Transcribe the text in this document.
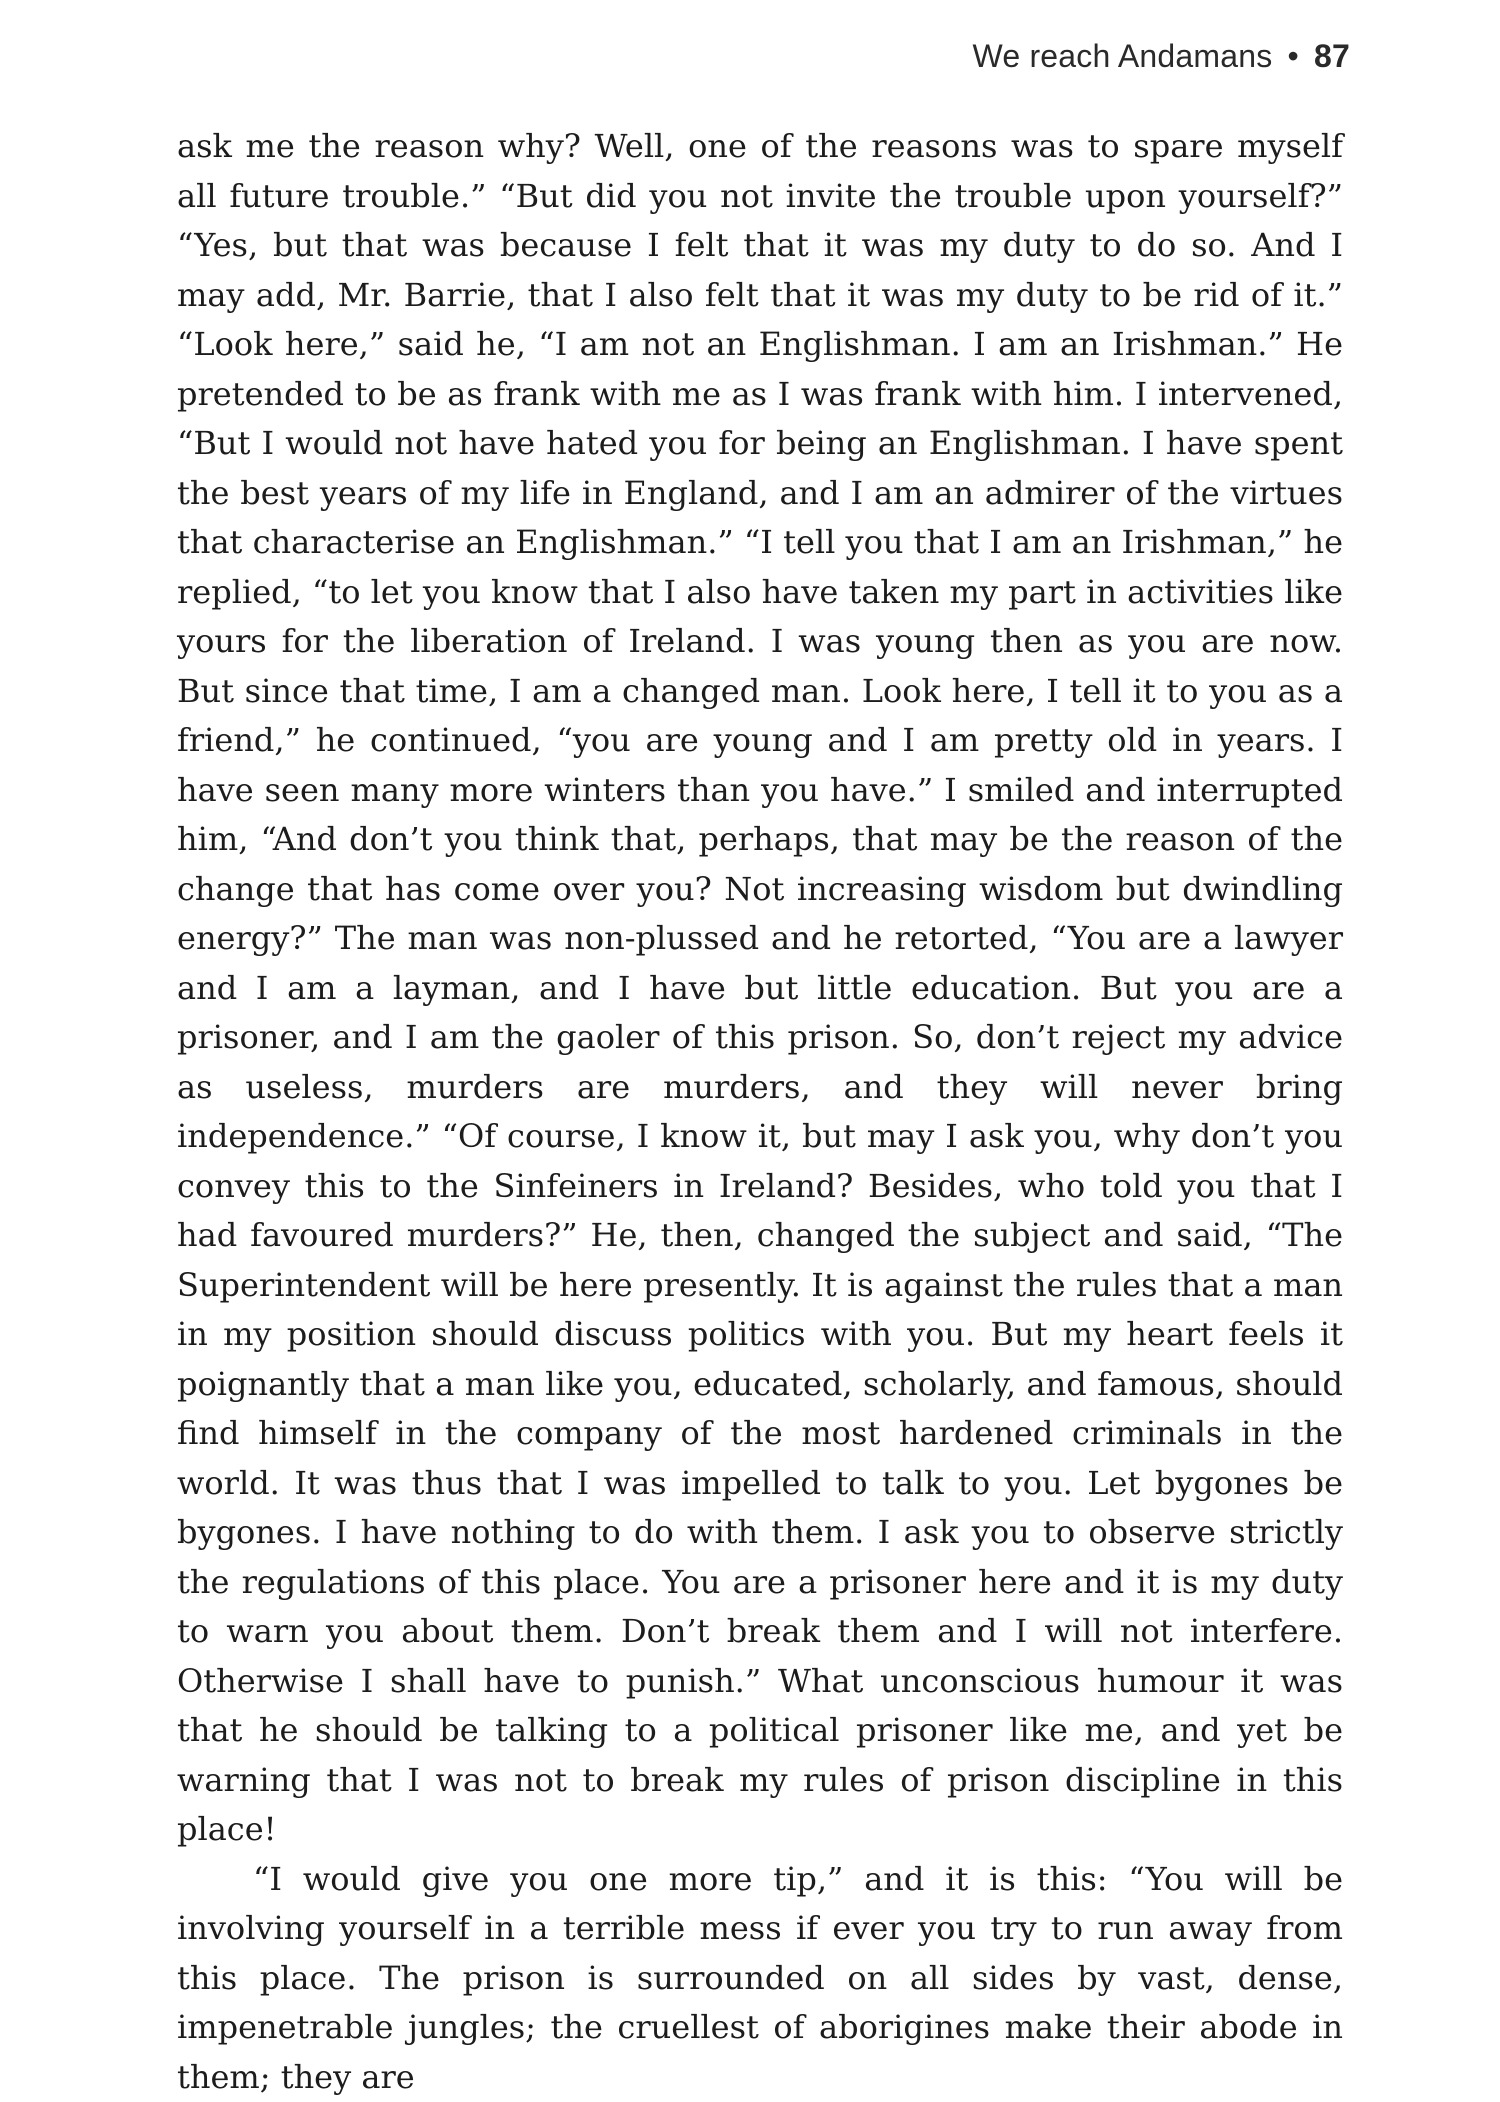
We reach Andamans • 87

ask me the reason why? Well, one of the reasons was to spare myself all future trouble.” “But did you not invite the trouble upon yourself?” “Yes, but that was because I felt that it was my duty to do so. And I may add, Mr. Barrie, that I also felt that it was my duty to be rid of it.” “Look here,” said he, “I am not an Englishman. I am an Irishman.” He pretended to be as frank with me as I was frank with him. I intervened, “But I would not have hated you for being an Englishman. I have spent the best years of my life in England, and I am an admirer of the virtues that characterise an Englishman.” “I tell you that I am an Irishman,” he replied, “to let you know that I also have taken my part in activities like yours for the liberation of Ireland. I was young then as you are now. But since that time, I am a changed man. Look here, I tell it to you as a friend,” he continued, “you are young and I am pretty old in years. I have seen many more winters than you have.” I smiled and interrupted him, “And don’t you think that, perhaps, that may be the reason of the change that has come over you? Not increasing wisdom but dwindling energy?” The man was non-plussed and he retorted, “You are a lawyer and I am a layman, and I have but little education. But you are a prisoner, and I am the gaoler of this prison. So, don’t reject my advice as useless, murders are murders, and they will never bring independence.” “Of course, I know it, but may I ask you, why don’t you convey this to the Sinfeiners in Ireland? Besides, who told you that I had favoured murders?” He, then, changed the subject and said, “The Superintendent will be here presently. It is against the rules that a man in my position should discuss politics with you. But my heart feels it poignantly that a man like you, educated, scholarly, and famous, should find himself in the company of the most hardened criminals in the world. It was thus that I was impelled to talk to you. Let bygones be bygones. I have nothing to do with them. I ask you to observe strictly the regulations of this place. You are a prisoner here and it is my duty to warn you about them. Don’t break them and I will not interfere. Otherwise I shall have to punish.” What unconscious humour it was that he should be talking to a political prisoner like me, and yet be warning that I was not to break my rules of prison discipline in this place!

“I would give you one more tip,” and it is this: “You will be involving yourself in a terrible mess if ever you try to run away from this place. The prison is surrounded on all sides by vast, dense, impenetrable jungles; the cruellest of aborigines make their abode in them; they are
